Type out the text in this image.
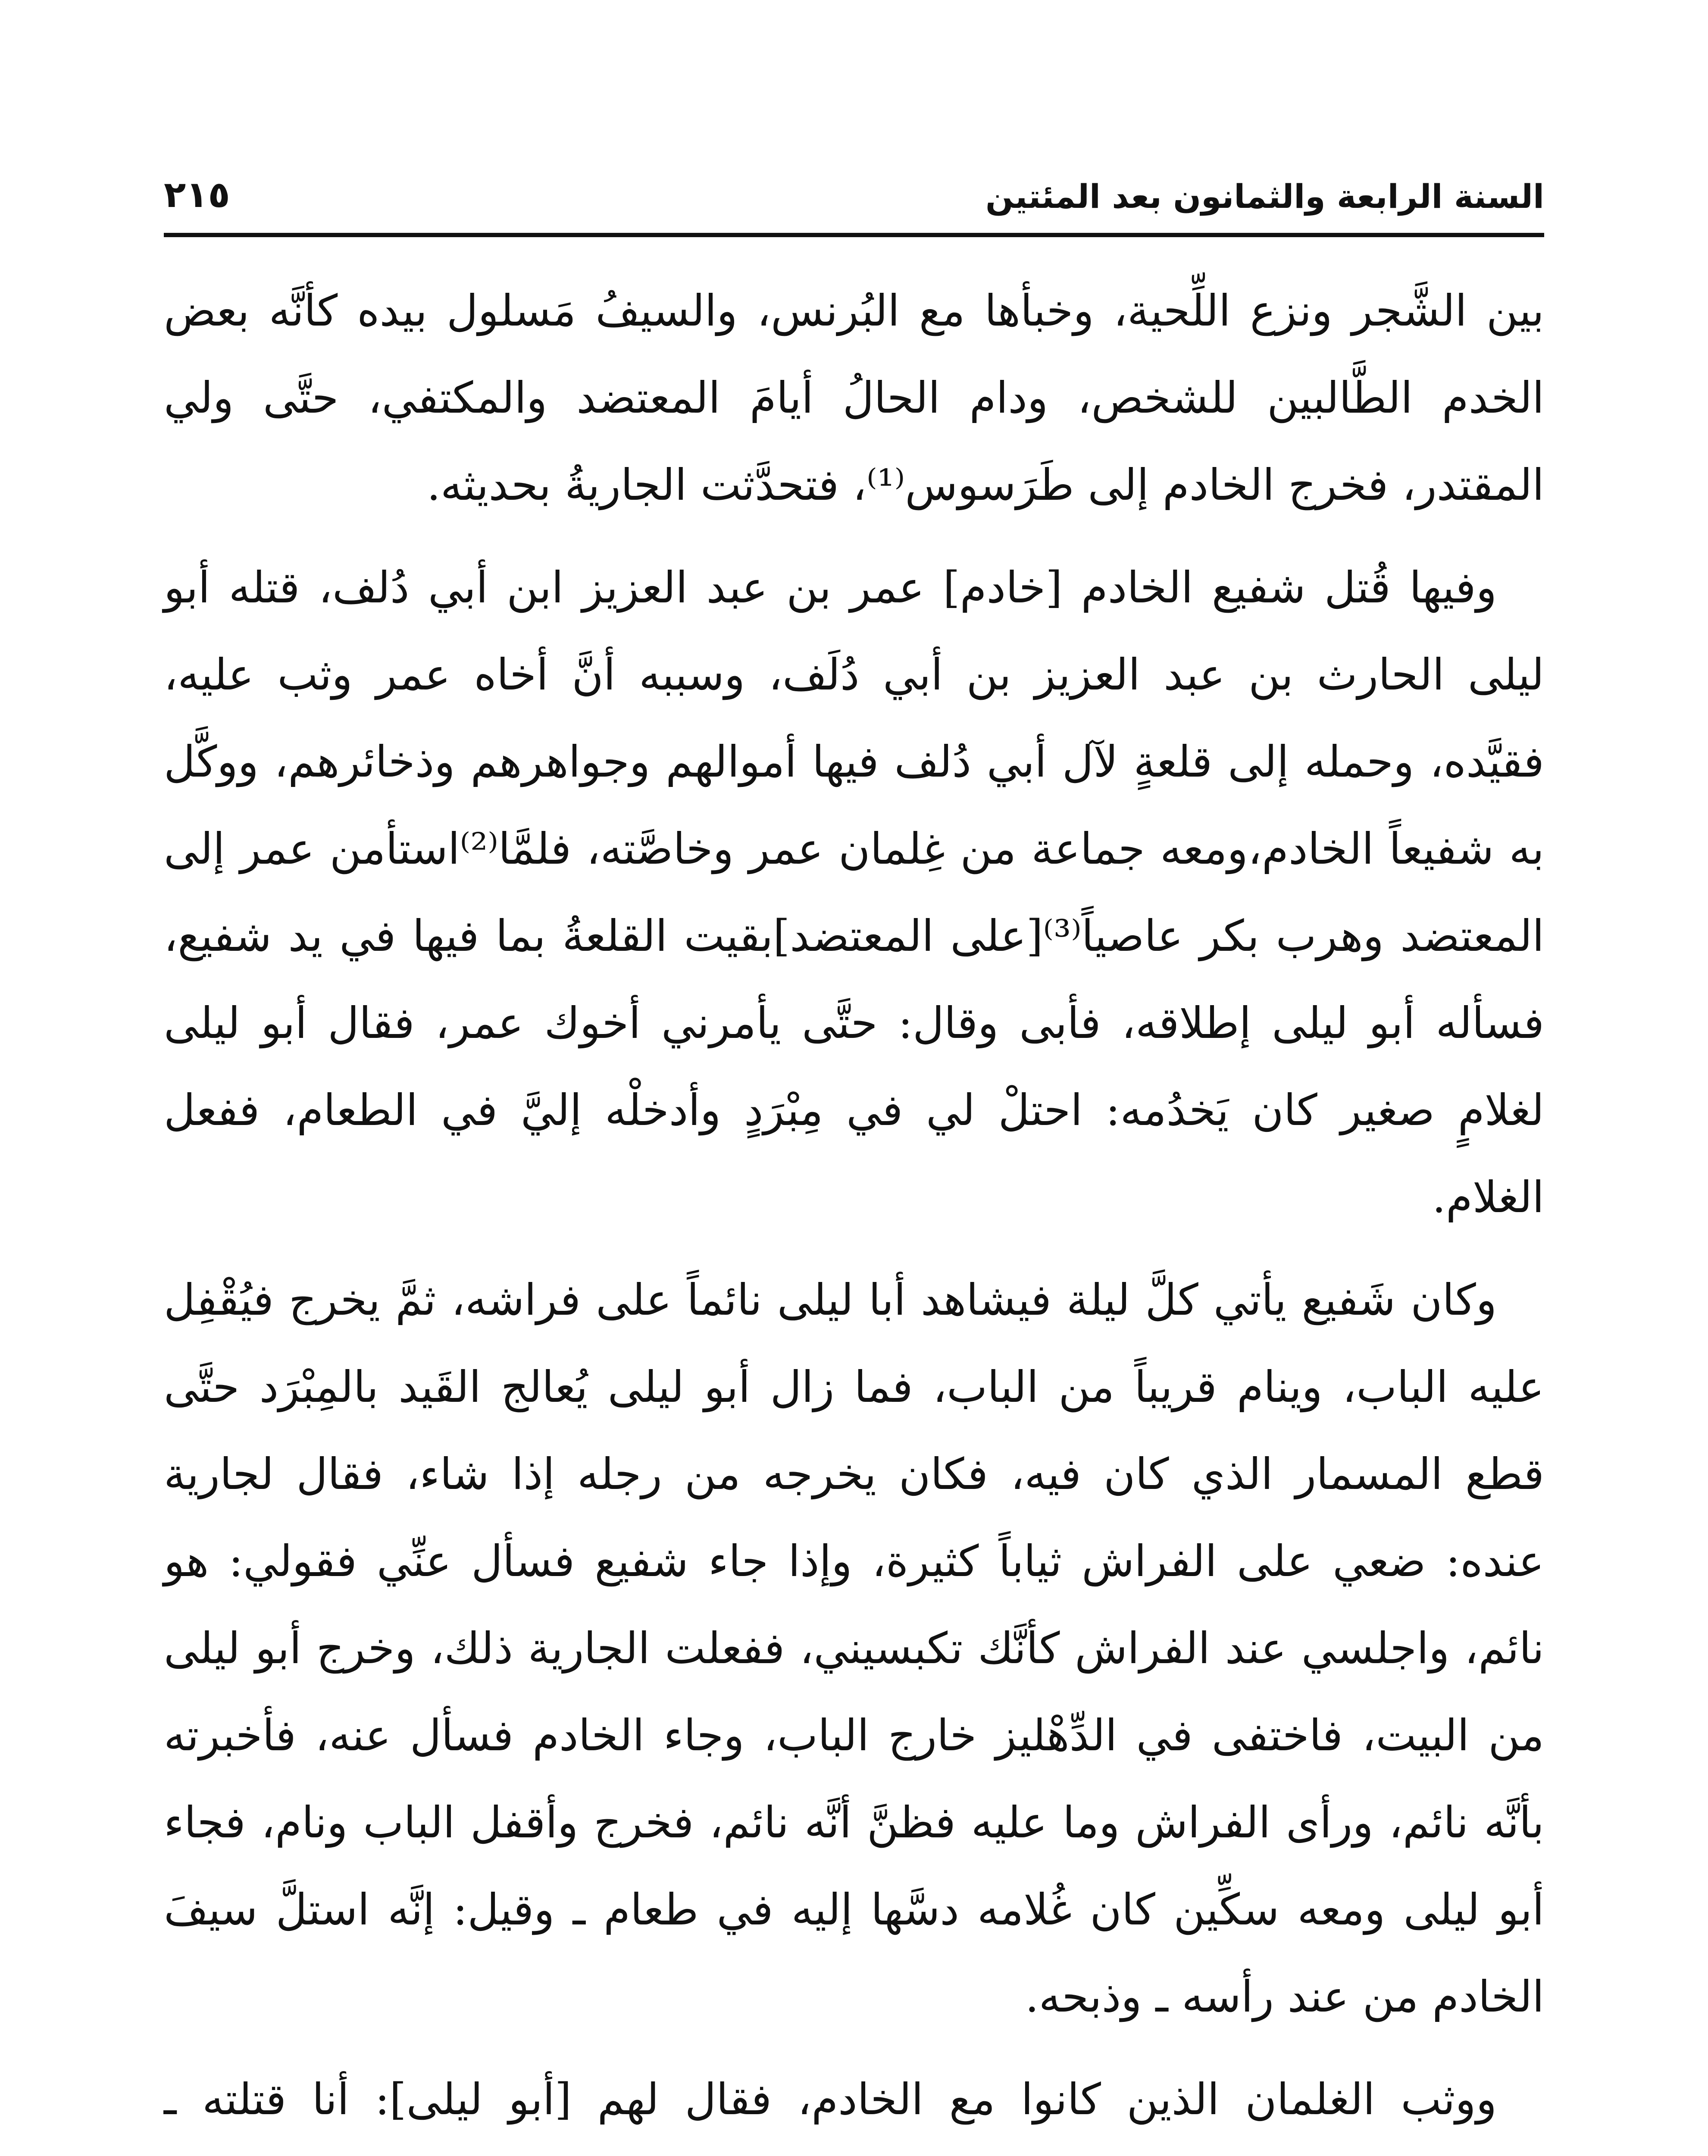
السنة الرابعة والثمانون بعد المئتين
٢١٥

بين الشَّجر ونزع اللِّحية، وخبأها مع البُرنس، والسيفُ مَسلول بيده كأنَّه بعض الخدم الطَّالبين للشخص، ودام الحالُ أيامَ المعتضد والمكتفي، حتَّى ولي المقتدر، فخرج الخادم إلى طَرَسوس⁽¹⁾، فتحدَّثت الجاريةُ بحديثه.

وفيها قُتل شفيع الخادم [خادم] عمر بن عبد العزيز ابن أبي دُلف، قتله أبو ليلى الحارث بن عبد العزيز بن أبي دُلَف، وسببه أنَّ أخاه عمر وثب عليه، فقيَّده، وحمله إلى قلعةٍ لآل أبي دُلف فيها أموالهم وجواهرهم وذخائرهم، ووكَّل به شفيعاً الخادم،ومعه جماعة من غِلمان عمر وخاصَّته، فلمَّا⁽²⁾استأمن عمر إلى المعتضد وهرب بكر عاصياً⁽³⁾[على المعتضد]بقيت القلعةُ بما فيها في يد شفيع، فسأله أبو ليلى إطلاقه، فأبى وقال: حتَّى يأمرني أخوك عمر، فقال أبو ليلى لغلامٍ صغير كان يَخدُمه: احتلْ لي في مِبْرَدٍ وأدخلْه إليَّ في الطعام، ففعل الغلام.

وكان شَفيع يأتي كلَّ ليلة فيشاهد أبا ليلى نائماً على فراشه، ثمَّ يخرج فيُقْفِل عليه الباب، وينام قريباً من الباب، فما زال أبو ليلى يُعالج القَيد بالمِبْرَد حتَّى قطع المسمار الذي كان فيه، فكان يخرجه من رجله إذا شاء، فقال لجارية عنده: ضعي على الفراش ثياباً كثيرة، وإذا جاء شفيع فسأل عنِّي فقولي: هو نائم، واجلسي عند الفراش كأنَّك تكبسيني، ففعلت الجارية ذلك، وخرج أبو ليلى من البيت، فاختفى في الدِّهْليز خارج الباب، وجاء الخادم فسأل عنه، فأخبرته بأنَّه نائم، ورأى الفراش وما عليه فظنَّ أنَّه نائم، فخرج وأقفل الباب ونام، فجاء أبو ليلى ومعه سكِّين كان غُلامه دسَّها إليه في طعام ـ وقيل: إنَّه استلَّ سيفَ الخادم من عند رأسه ـ وذبحه.

ووثب الغلمان الذين كانوا مع الخادم، فقال لهم [أبو ليلى]: أنا قتلته ـ
